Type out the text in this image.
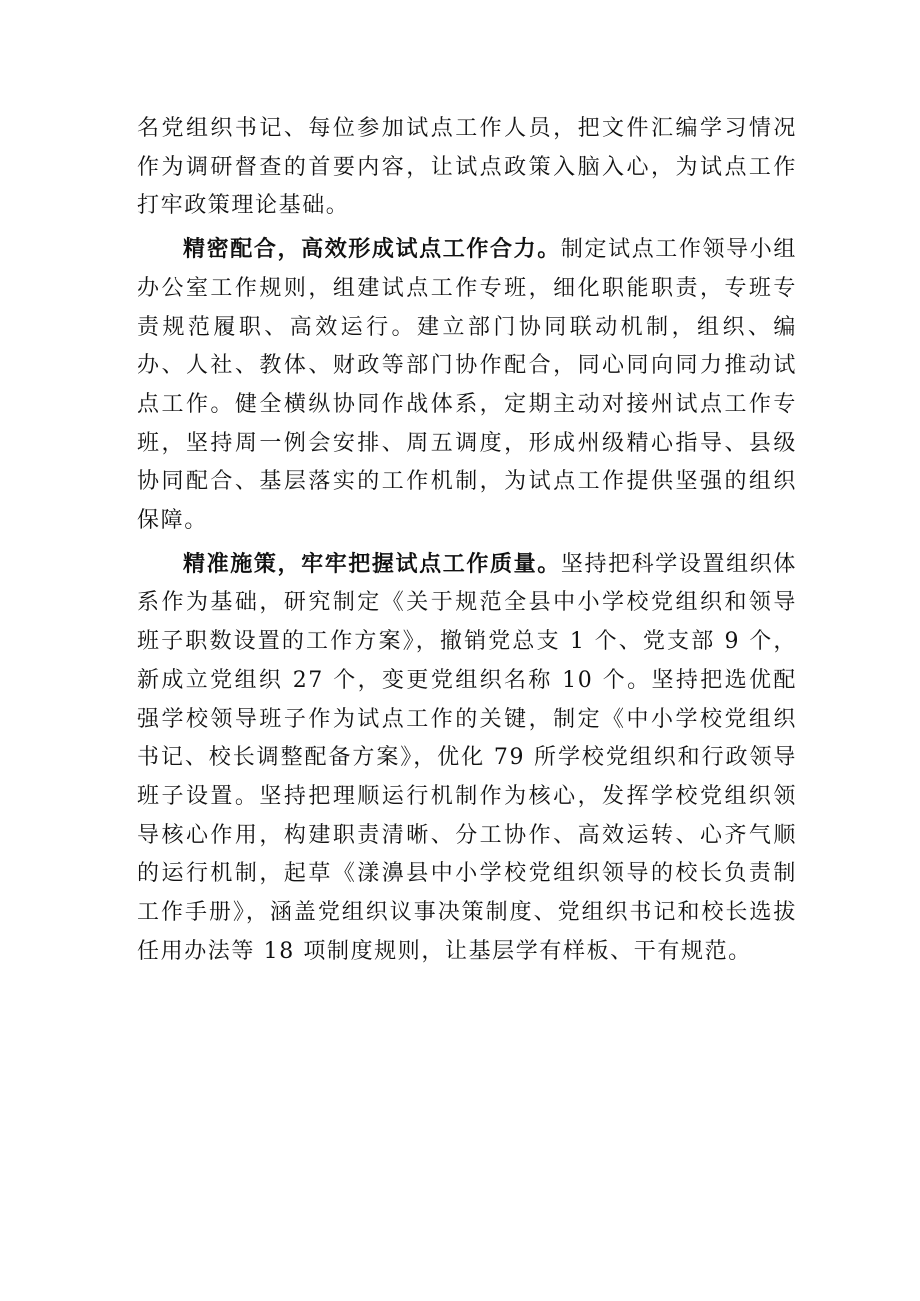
名党组织书记、每位参加试点工作人员，把文件汇编学习情况作为调研督查的首要内容，让试点政策入脑入心，为试点工作打牢政策理论基础。

精密配合，高效形成试点工作合力。制定试点工作领导小组办公室工作规则，组建试点工作专班，细化职能职责，专班专责规范履职、高效运行。建立部门协同联动机制，组织、编办、人社、教体、财政等部门协作配合，同心同向同力推动试点工作。健全横纵协同作战体系，定期主动对接州试点工作专班，坚持周一例会安排、周五调度，形成州级精心指导、县级协同配合、基层落实的工作机制，为试点工作提供坚强的组织保障。

精准施策，牢牢把握试点工作质量。坚持把科学设置组织体系作为基础，研究制定《关于规范全县中小学校党组织和领导班子职数设置的工作方案》，撤销党总支 1 个、党支部 9 个，新成立党组织 27 个，变更党组织名称 10 个。坚持把选优配强学校领导班子作为试点工作的关键，制定《中小学校党组织书记、校长调整配备方案》，优化 79 所学校党组织和行政领导班子设置。坚持把理顺运行机制作为核心，发挥学校党组织领导核心作用，构建职责清晰、分工协作、高效运转、心齐气顺的运行机制，起草《漾濞县中小学校党组织领导的校长负责制工作手册》，涵盖党组织议事决策制度、党组织书记和校长选拔任用办法等 18 项制度规则，让基层学有样板、干有规范。
